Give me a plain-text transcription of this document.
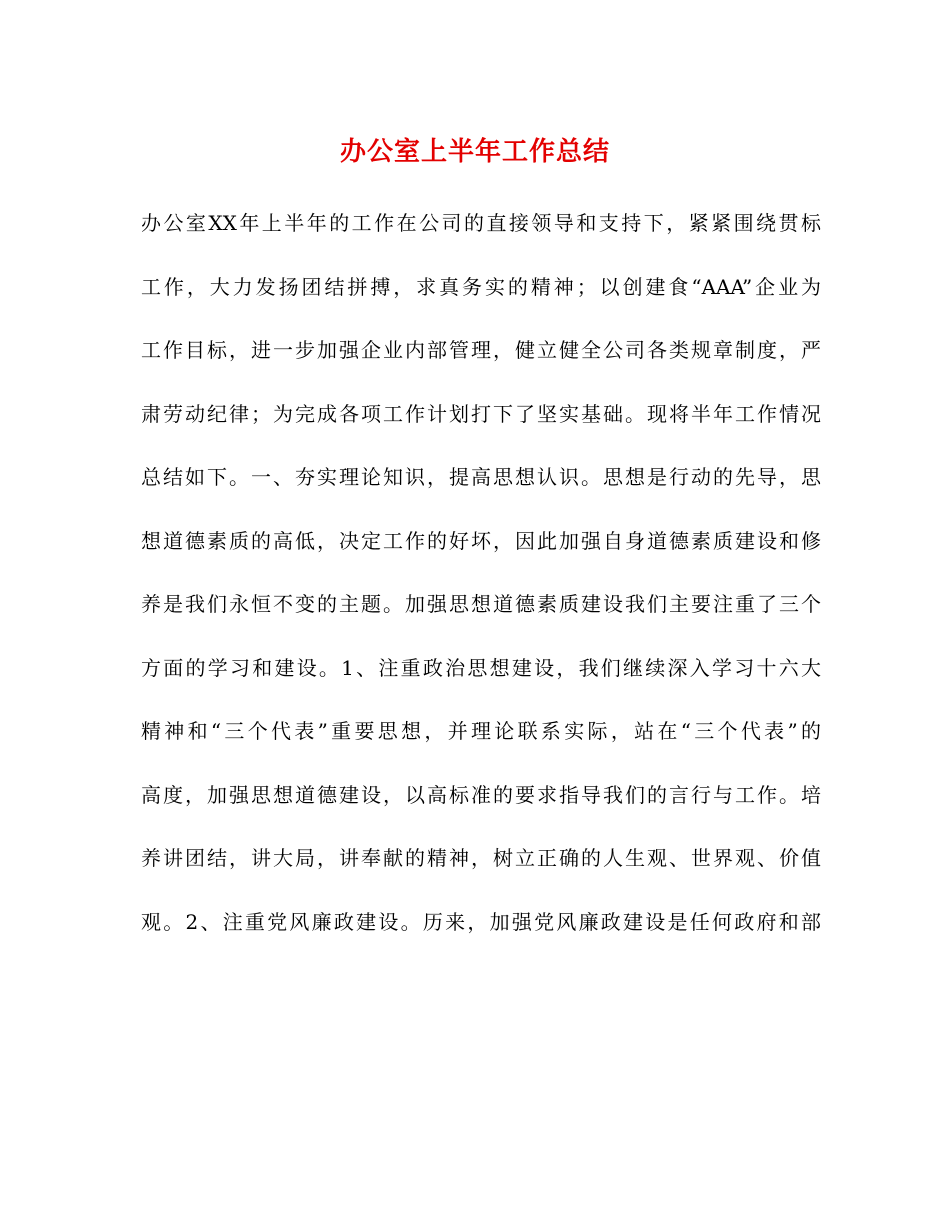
办公室上半年工作总结
办公室XX年上半年的工作在公司的直接领导和支持下，紧紧围绕贯标
工作，大力发扬团结拼搏，求真务实的精神；以创建食“AAA”企业为
工作目标，进一步加强企业内部管理，健立健全公司各类规章制度，严
肃劳动纪律；为完成各项工作计划打下了坚实基础。现将半年工作情况
总结如下。一、夯实理论知识，提高思想认识。思想是行动的先导，思
想道德素质的高低，决定工作的好坏，因此加强自身道德素质建设和修
养是我们永恒不变的主题。加强思想道德素质建设我们主要注重了三个
方面的学习和建设。1、注重政治思想建设，我们继续深入学习十六大
精神和“三个代表”重要思想，并理论联系实际，站在“三个代表”的
高度，加强思想道德建设，以高标准的要求指导我们的言行与工作。培
养讲团结，讲大局，讲奉献的精神，树立正确的人生观、世界观、价值
观。2、注重党风廉政建设。历来，加强党风廉政建设是任何政府和部
